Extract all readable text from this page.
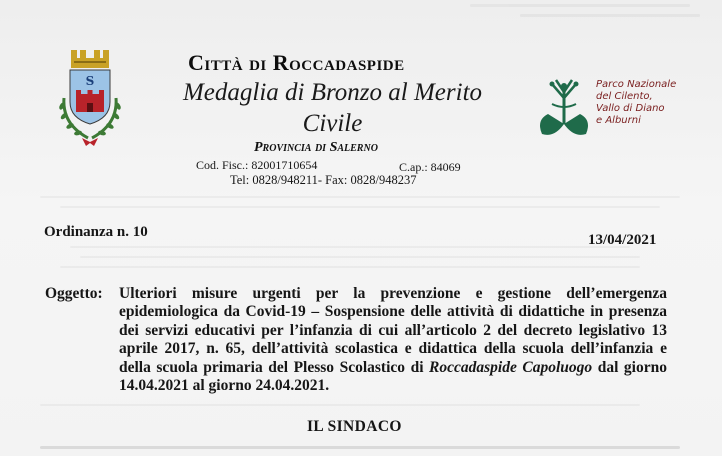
S
Città di Roccadaspide
Medaglia di Bronzo al Merito Civile
Provincia di Salerno
Cod. Fisc.: 82001710654	C.ap.: 84069
Tel: 0828/948211- Fax: 0828/948237
Parco Nazionale
del Cilento,
Vallo di Diano
e Alburni
Ordinanza n. 10	13/04/2021
Oggetto: Ulteriori misure urgenti per la prevenzione e gestione dell’emergenza epidemiologica da Covid-19 – Sospensione delle attività di didattiche in presenza dei servizi educativi per l’infanzia di cui all’articolo 2 del decreto legislativo 13 aprile 2017, n. 65, dell’attività scolastica e didattica della scuola dell’infanzia e della scuola primaria del Plesso Scolastico di Roccadaspide Capoluogo dal giorno 14.04.2021 al giorno 24.04.2021.
IL SINDACO
